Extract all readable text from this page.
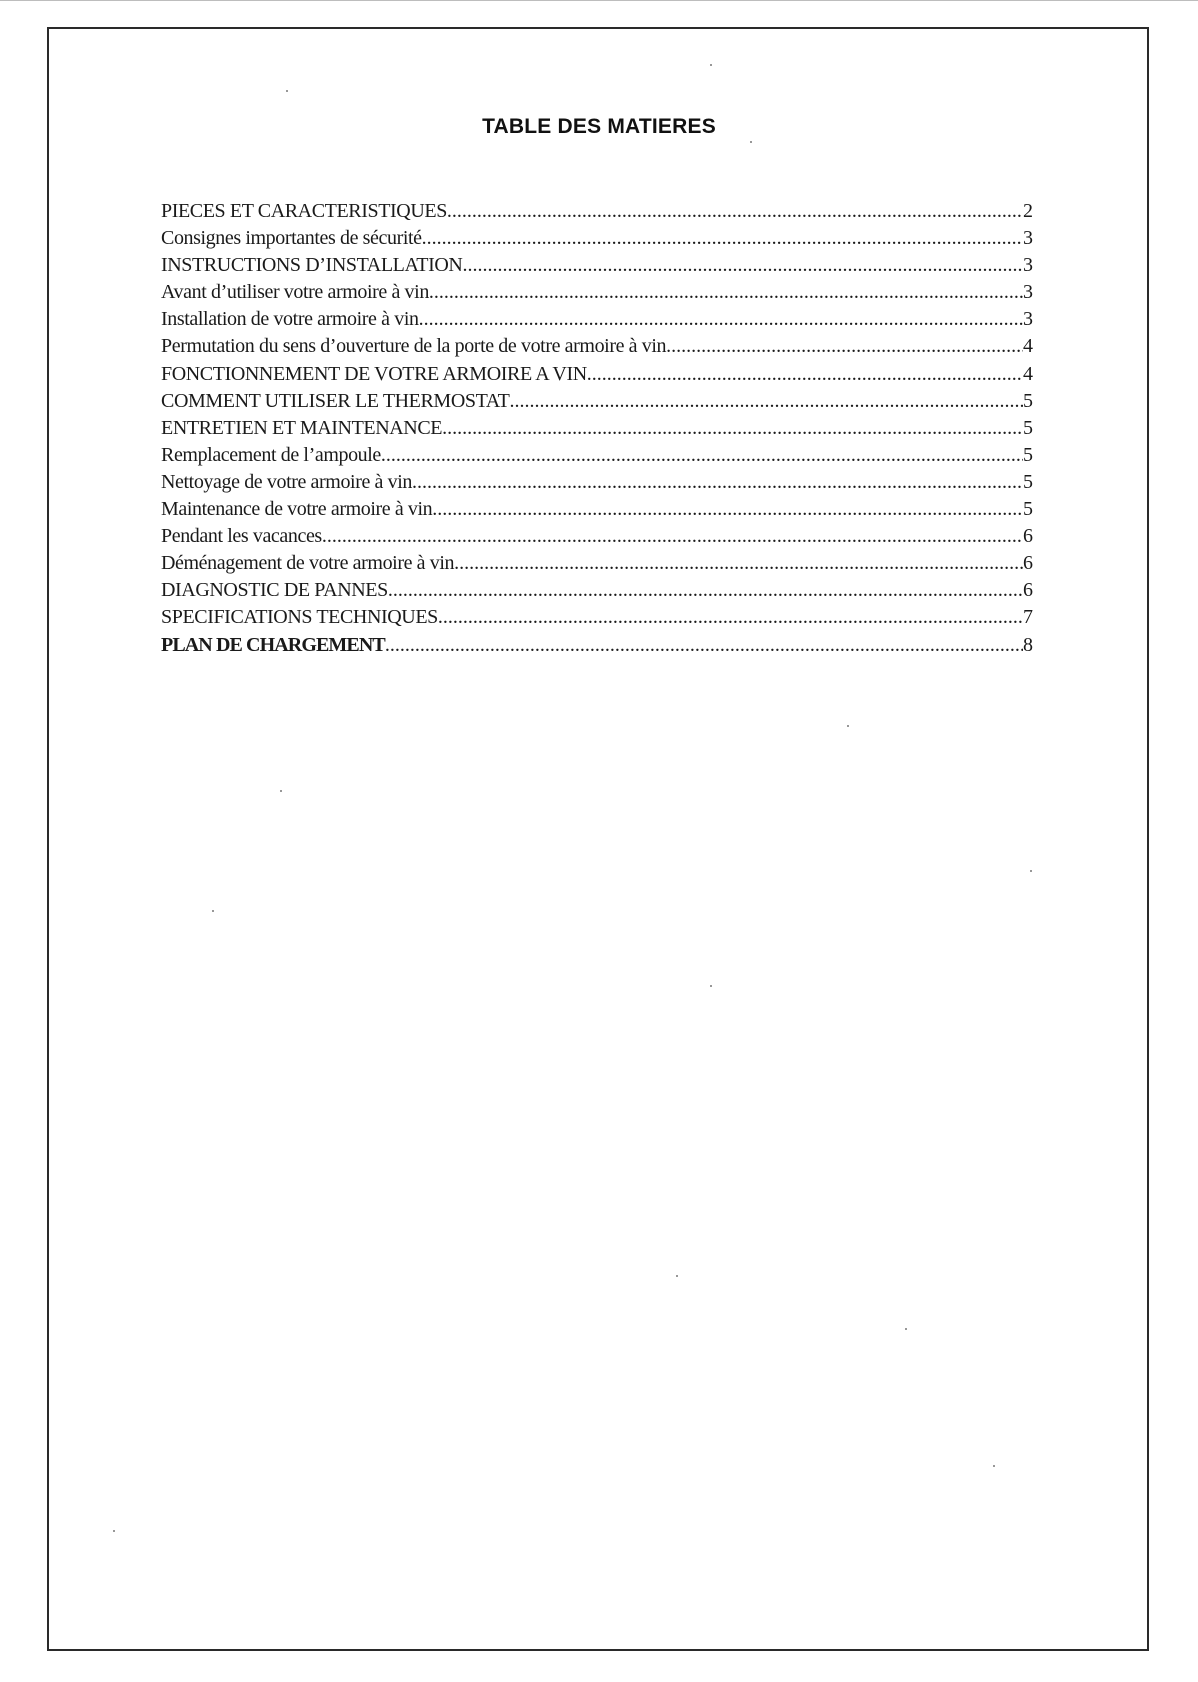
TABLE DES MATIERES
PIECES ET CARACTERISTIQUES .....	2
Consignes importantes de sécurité .....	3
INSTRUCTIONS D’INSTALLATION .....	3
Avant d’utiliser votre armoire à vin .....	3
Installation de votre armoire à vin .....	3
Permutation du sens d’ouverture de la porte de votre armoire à vin .....	4
FONCTIONNEMENT DE VOTRE ARMOIRE A VIN .....	4
COMMENT UTILISER LE THERMOSTAT .....	5
ENTRETIEN ET MAINTENANCE .....	5
Remplacement de l’ampoule .....	5
Nettoyage de votre armoire à vin .....	5
Maintenance de votre armoire à vin .....	5
Pendant les vacances .....	6
Déménagement de votre armoire à vin .....	6
DIAGNOSTIC DE PANNES .....	6
SPECIFICATIONS TECHNIQUES .....	7
PLAN DE CHARGEMENT .....	8
